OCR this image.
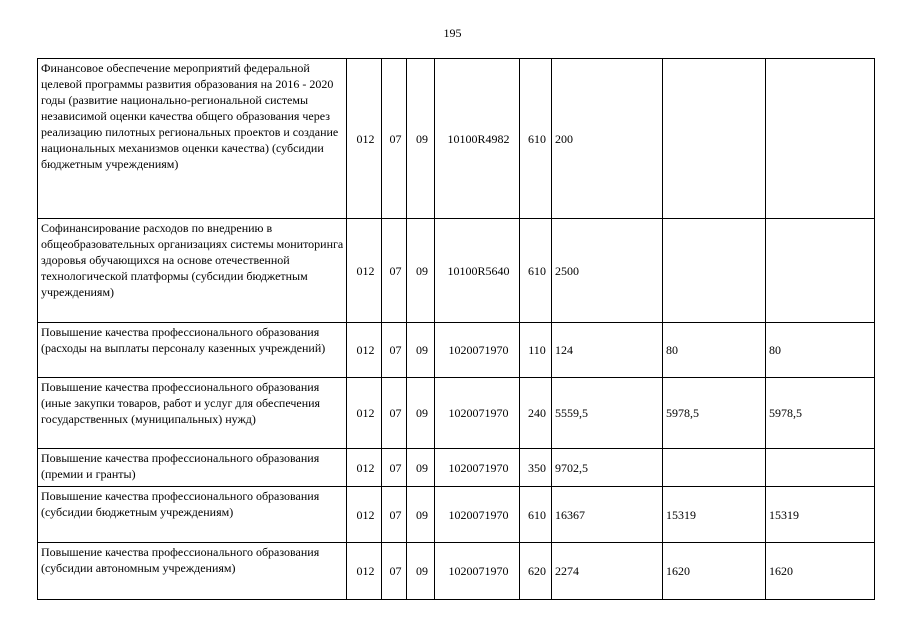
195
Финансовое обеспечение мероприятий федеральной целевой программы развития образования на 2016 - 2020 годы (развитие национально-региональной системы независимой оценки качества общего образования через реализацию пилотных региональных проектов и создание национальных механизмов оценки качества) (субсидии бюджетным учреждениям)	012	07	09	10100R4982	610	200		
Софинансирование расходов по внедрению в общеобразовательных организациях системы мониторинга здоровья обучающихся на основе отечественной технологической платформы (субсидии бюджетным учреждениям)	012	07	09	10100R5640	610	2500		
Повышение качества профессионального образования (расходы на выплаты персоналу казенных учреждений)	012	07	09	1020071970	110	124	80	80
Повышение качества профессионального образования (иные закупки товаров, работ и услуг для обеспечения государственных (муниципальных) нужд)	012	07	09	1020071970	240	5559,5	5978,5	5978,5
Повышение качества профессионального образования (премии и гранты)	012	07	09	1020071970	350	9702,5		
Повышение качества профессионального образования (субсидии бюджетным учреждениям)	012	07	09	1020071970	610	16367	15319	15319
Повышение качества профессионального образования (субсидии автономным учреждениям)	012	07	09	1020071970	620	2274	1620	1620
